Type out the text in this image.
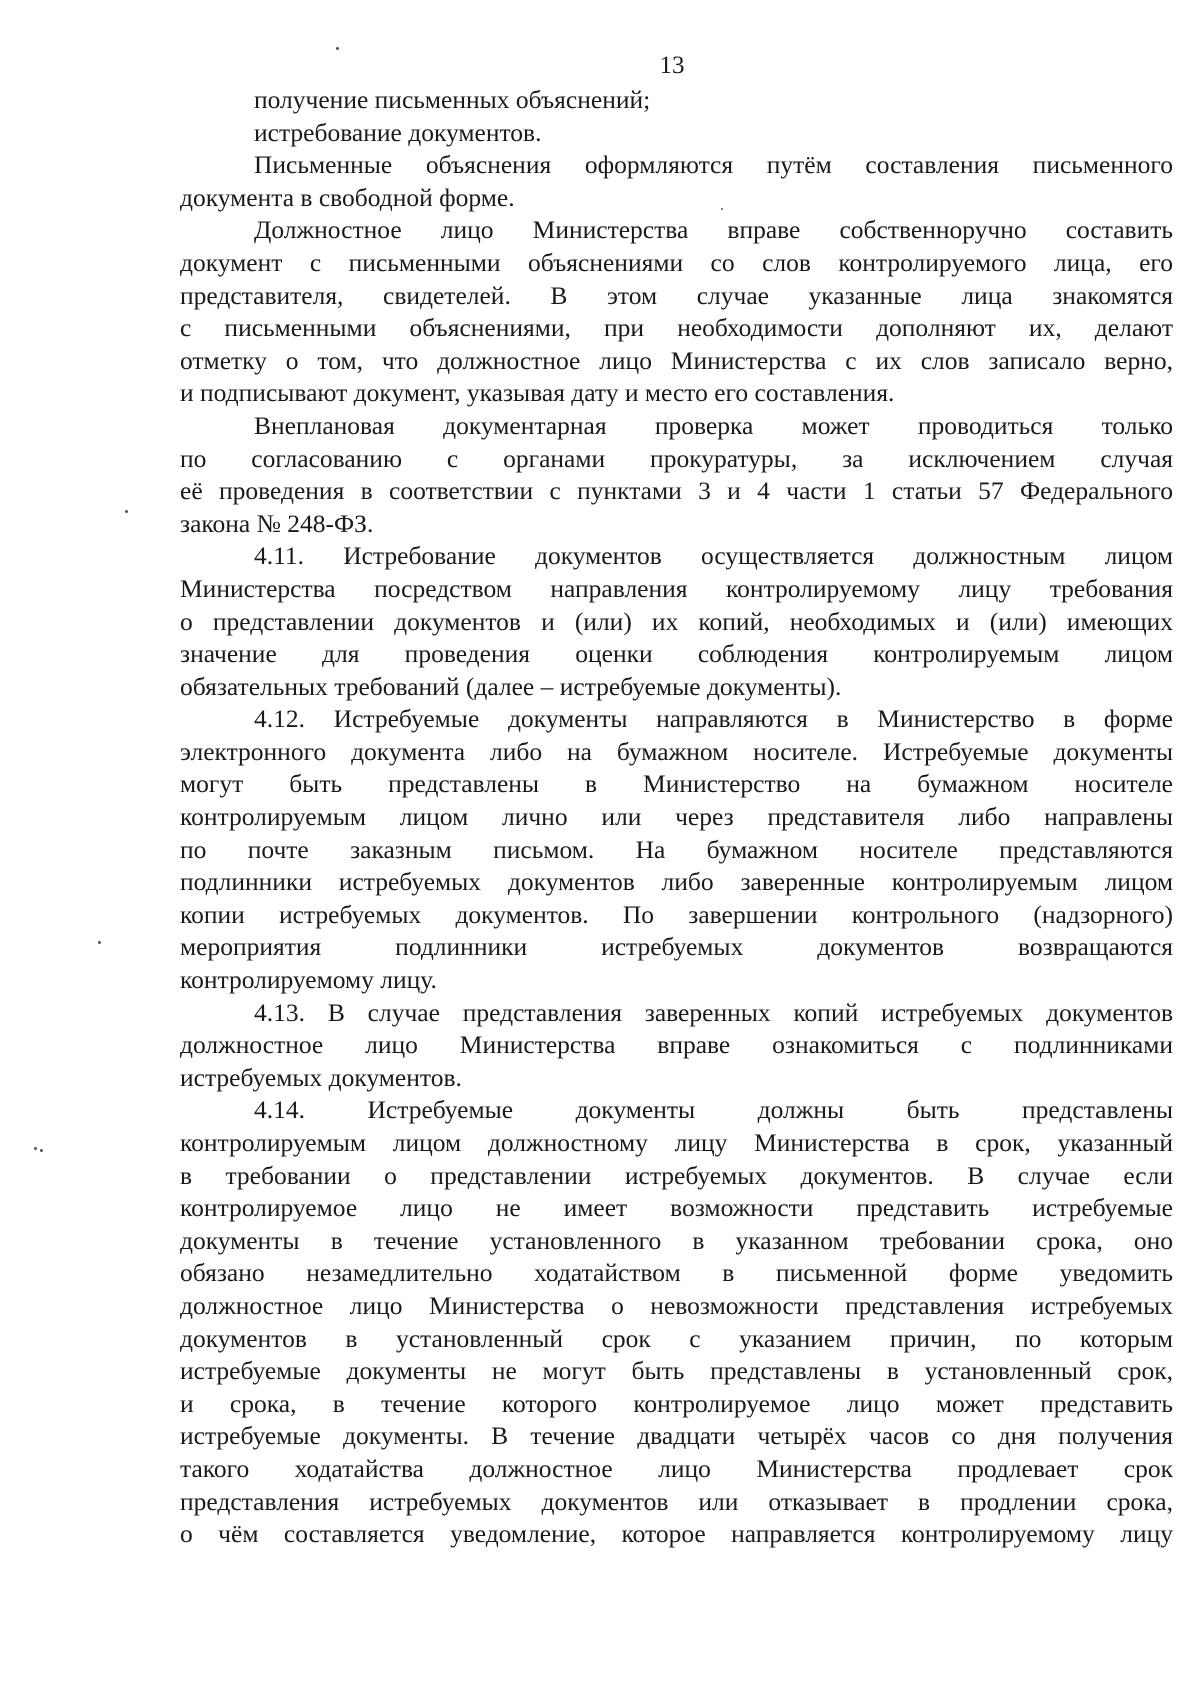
13
получение письменных объяснений;
истребование документов.
Письменные объяснения оформляются путём составления письменного
документа в свободной форме.
Должностное лицо Министерства вправе собственноручно составить
документ с письменными объяснениями со слов контролируемого лица, его
представителя, свидетелей. В этом случае указанные лица знакомятся
с письменными объяснениями, при необходимости дополняют их, делают
отметку о том, что должностное лицо Министерства с их слов записало верно,
и подписывают документ, указывая дату и место его составления.
Внеплановая документарная проверка может проводиться только
по согласованию с органами прокуратуры, за исключением случая
её проведения в соответствии с пунктами 3 и 4 части 1 статьи 57 Федерального
закона № 248-ФЗ.
4.11. Истребование документов осуществляется должностным лицом
Министерства посредством направления контролируемому лицу требования
о представлении документов и (или) их копий, необходимых и (или) имеющих
значение для проведения оценки соблюдения контролируемым лицом
обязательных требований (далее – истребуемые документы).
4.12. Истребуемые документы направляются в Министерство в форме
электронного документа либо на бумажном носителе. Истребуемые документы
могут быть представлены в Министерство на бумажном носителе
контролируемым лицом лично или через представителя либо направлены
по почте заказным письмом. На бумажном носителе представляются
подлинники истребуемых документов либо заверенные контролируемым лицом
копии истребуемых документов. По завершении контрольного (надзорного)
мероприятия подлинники истребуемых документов возвращаются
контролируемому лицу.
4.13. В случае представления заверенных копий истребуемых документов
должностное лицо Министерства вправе ознакомиться с подлинниками
истребуемых документов.
4.14. Истребуемые документы должны быть представлены
контролируемым лицом должностному лицу Министерства в срок, указанный
в требовании о представлении истребуемых документов. В случае если
контролируемое лицо не имеет возможности представить истребуемые
документы в течение установленного в указанном требовании срока, оно
обязано незамедлительно ходатайством в письменной форме уведомить
должностное лицо Министерства о невозможности представления истребуемых
документов в установленный срок с указанием причин, по которым
истребуемые документы не могут быть представлены в установленный срок,
и срока, в течение которого контролируемое лицо может представить
истребуемые документы. В течение двадцати четырёх часов со дня получения
такого ходатайства должностное лицо Министерства продлевает срок
представления истребуемых документов или отказывает в продлении срока,
о чём составляется уведомление, которое направляется контролируемому лицу
